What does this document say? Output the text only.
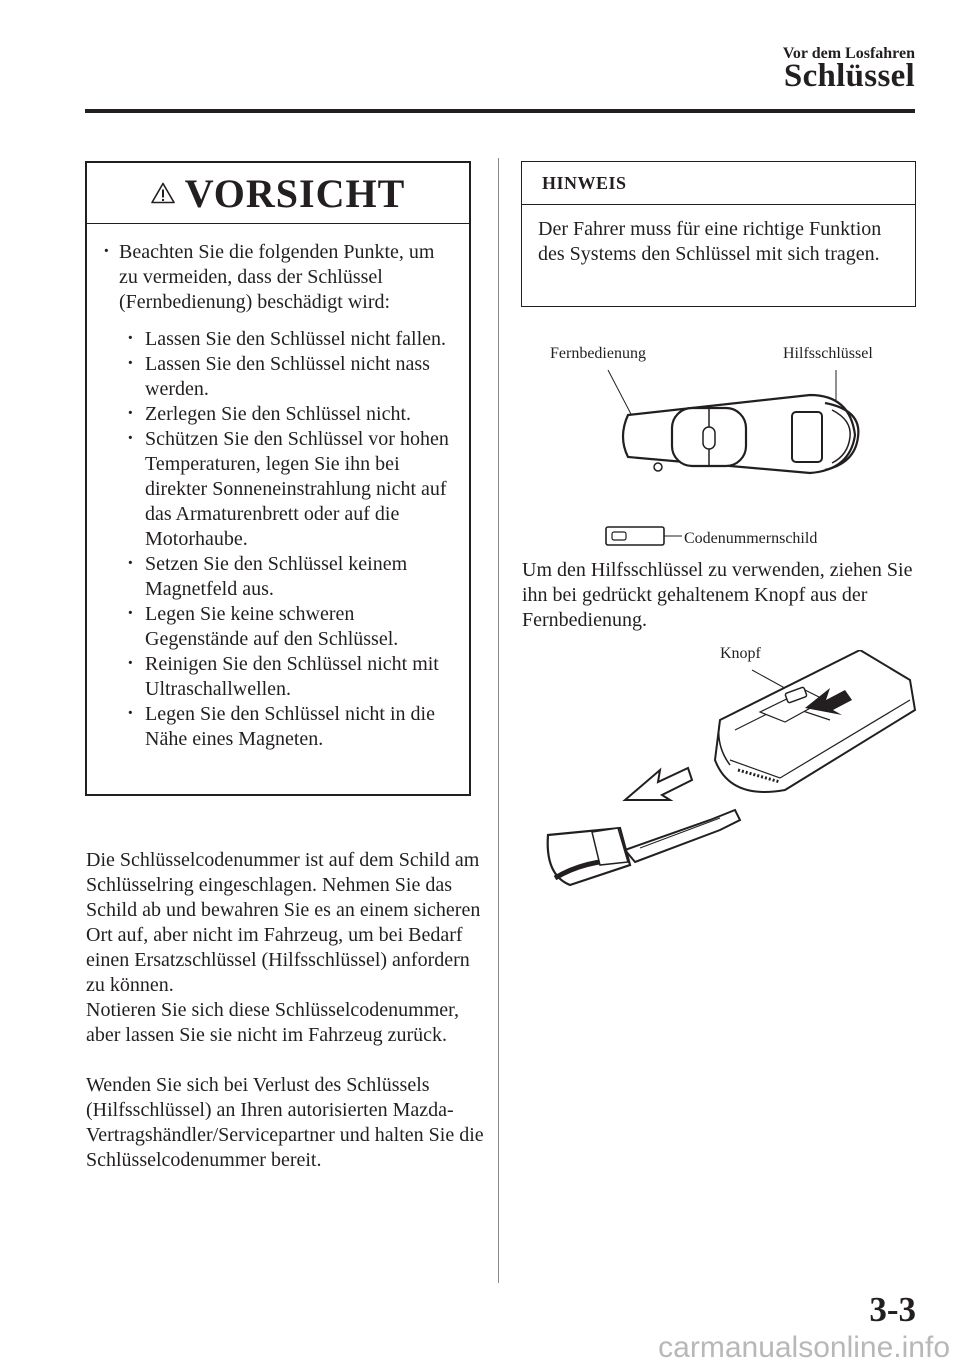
Vor dem Losfahren
Schlüssel
VORSICHT
· Beachten Sie die folgenden Punkte, um zu vermeiden, dass der Schlüssel (Fernbedienung) beschädigt wird:
· Lassen Sie den Schlüssel nicht fallen.
· Lassen Sie den Schlüssel nicht nass werden.
· Zerlegen Sie den Schlüssel nicht.
· Schützen Sie den Schlüssel vor hohen Temperaturen, legen Sie ihn bei direkter Sonneneinstrahlung nicht auf das Armaturenbrett oder auf die Motorhaube.
· Setzen Sie den Schlüssel keinem Magnetfeld aus.
· Legen Sie keine schweren Gegenstände auf den Schlüssel.
· Reinigen Sie den Schlüssel nicht mit Ultraschallwellen.
· Legen Sie den Schlüssel nicht in die Nähe eines Magneten.

Die Schlüsselcodenummer ist auf dem Schild am Schlüsselring eingeschlagen. Nehmen Sie das Schild ab und bewahren Sie es an einem sicheren Ort auf, aber nicht im Fahrzeug, um bei Bedarf einen Ersatzschlüssel (Hilfsschlüssel) anfordern zu können.

Notieren Sie sich diese Schlüsselcodenummer, aber lassen Sie sie nicht im Fahrzeug zurück.

Wenden Sie sich bei Verlust des Schlüssels (Hilfsschlüssel) an Ihren autorisierten Mazda-Vertragshändler/Servicepartner und halten Sie die Schlüsselcodenummer bereit.

HINWEIS
Der Fahrer muss für eine richtige Funktion des Systems den Schlüssel mit sich tragen.
Fernbedienung	Hilfsschlüssel
Codenummernschild
Um den Hilfsschlüssel zu verwenden, ziehen Sie ihn bei gedrückt gehaltenem Knopf aus der Fernbedienung.
Knopf
3-3
carmanualsonline.info
